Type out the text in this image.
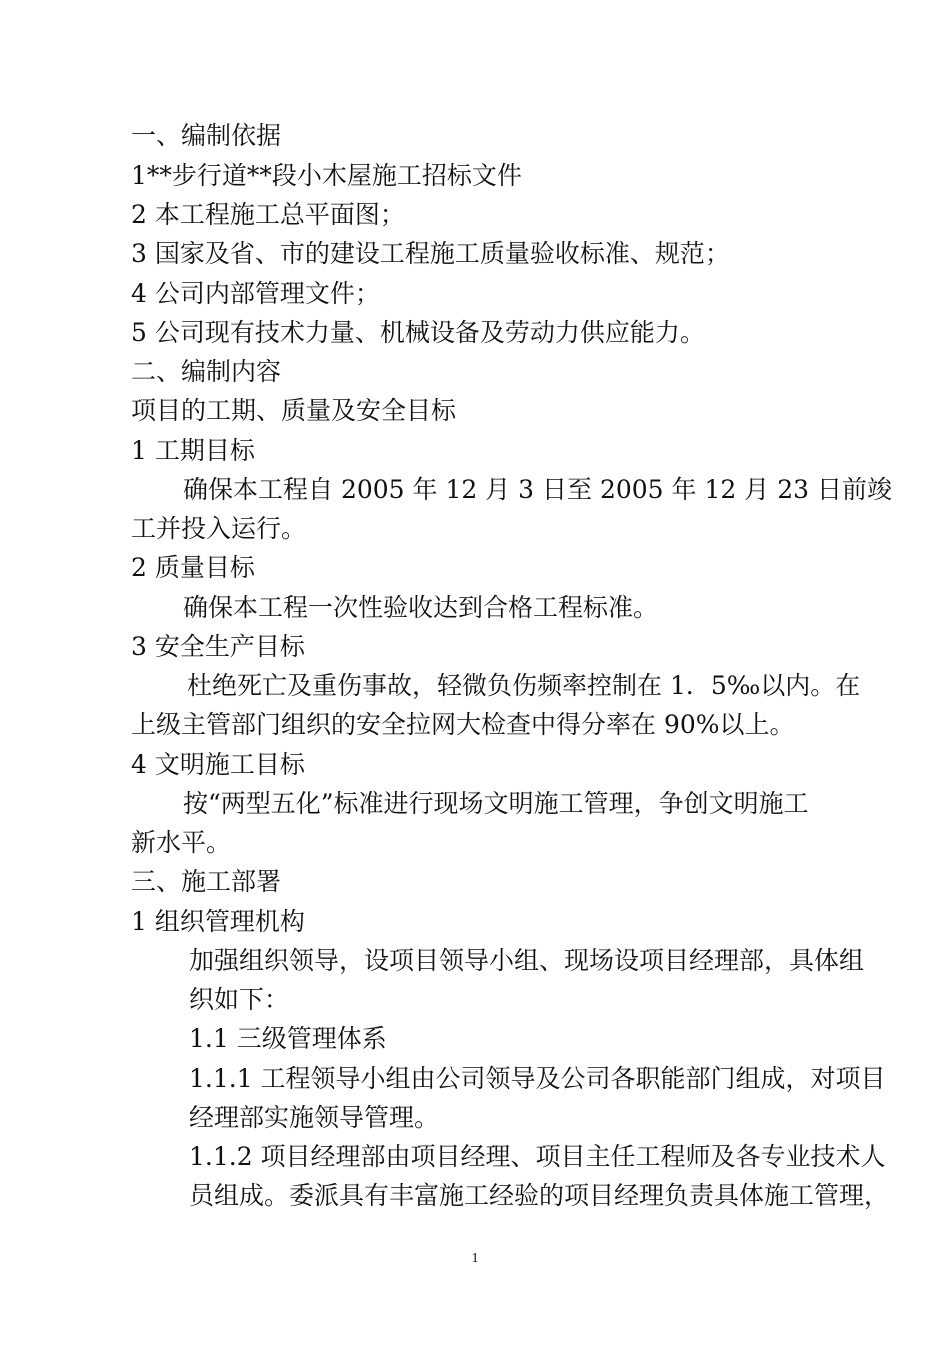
一、编制依据
1**步行道**段小木屋施工招标文件
2 本工程施工总平面图；
3 国家及省、市的建设工程施工质量验收标准、规范；
4 公司内部管理文件；
5 公司现有技术力量、机械设备及劳动力供应能力。
二、编制内容
项目的工期、质量及安全目标
1 工期目标
确保本工程自 2005 年 12 月 3 日至 2005 年 12 月 23 日前竣
工并投入运行。
2 质量目标
确保本工程一次性验收达到合格工程标准。
3 安全生产目标
杜绝死亡及重伤事故，轻微负伤频率控制在 1．5‰以内。在
上级主管部门组织的安全拉网大检查中得分率在 90%以上。
4 文明施工目标
按“两型五化”标准进行现场文明施工管理，争创文明施工
新水平。
三、施工部署
1 组织管理机构
加强组织领导，设项目领导小组、现场设项目经理部，具体组
织如下：
1.1 三级管理体系
1.1.1 工程领导小组由公司领导及公司各职能部门组成，对项目
经理部实施领导管理。
1.1.2 项目经理部由项目经理、项目主任工程师及各专业技术人
员组成。委派具有丰富施工经验的项目经理负责具体施工管理，
1
